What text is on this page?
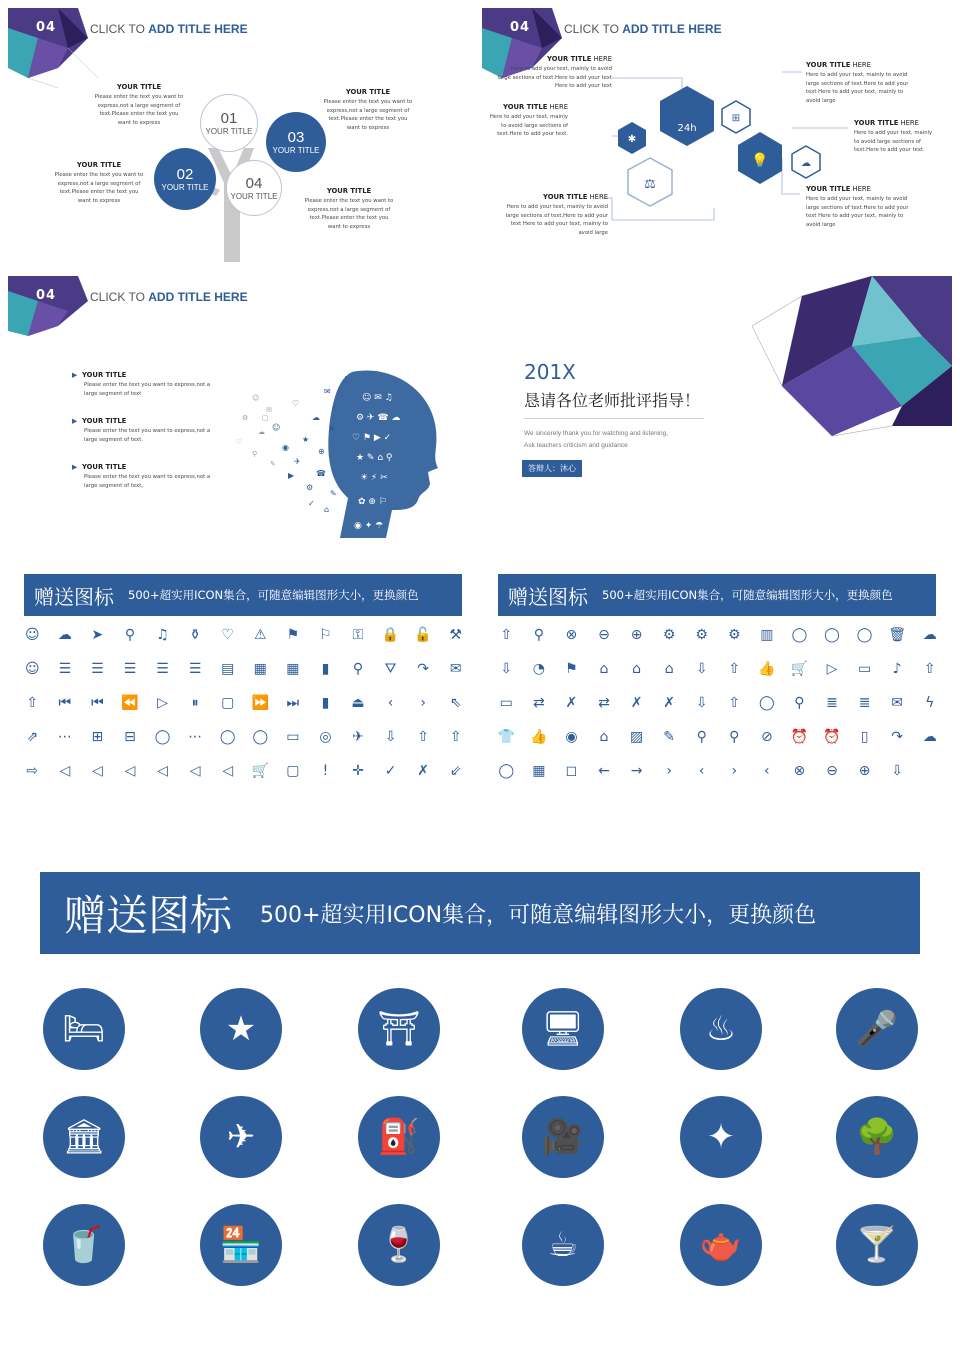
04	CLICK TO ADD TITLE HERE
01
YOUR TITLE
02
YOUR TITLE
03
YOUR TITLE
04
YOUR TITLE
YOUR TITLE
Please enter the text you want to express,not a large segment of text.Please enter the text you want to express
YOUR TITLE
Please enter the text you want to express,not a large segment of text.Please enter the text you want to express
YOUR TITLE
Please enter the text you want to express,not a large segment of text.Please enter the text you want to express
YOUR TITLE
Please enter the text you want to express,not a large segment of text.Please enter the text you want to express
04	CLICK TO ADD TITLE HERE
24h
✱
⊞
⚖
💡	☁
YOUR TITLE HERE
Here to add your text, mainly to avoid large sections of text.Here to add your text Here to add your text
YOUR TITLE HERE
Here to add your text, mainly to avoid large sections of text.Here to add your text.
YOUR TITLE HERE
Here to add your text, mainly to avoid large sections of text.Here to add your text Here to add your text, mainly to avoid large
YOUR TITLE HERE
Here to add your text, mainly to avoid large sections of text.Here to add your text Here to add your text, mainly to avoid large
YOUR TITLE HERE
Here to add your text, mainly to avoid large sections of text.Here to add your text.
YOUR TITLE HERE
Here to add your text, mainly to avoid large sections of text.Here to add your text Here to add your text, mainly to avoid large
04	CLICK TO ADD TITLE HERE
▶ YOUR TITLE
Please enter the text you want to express,not a large segment of text
▶ YOUR TITLE
Please enter the text you want to express,not a large segment of text.
▶ YOUR TITLE
Please enter the text you want to express,not a large segment of text。
☺ ✉ ♫
⚙ ✈ ☎ ☁
♡ ⚑ ▶ ✓
★ ✎ ⌂ ⚲
☀ ⚡ ✂
✿ ⊕ ⚐
◉ ✦ ☂
✉
♪
☁
⚑
★
⊕
✈
☎
◉
⚙
✎
▶
☺
♡
⌂
✓
♫
☺
✉
⚙
☁
♡
⚲
✎
▢
201X
恳请各位老师批评指导！
We sincerely thank you for watching and listening,
Ask teachers criticism and guidance
答辩人：沐心
赠送图标 500+超实用ICON集合，可随意编辑图形大小，更换颜色
☺	☁	➤	⚲	♫	⚱	♡	⚠	⚑	⚐	⚿	🔒	🔓	⚒
☺	☰	☰	☰	☰	☰	▤	▦	▦	▮	⚲	⛛	↷	✉
⇧	⏮	⏮	⏪	▷	⏸	▢	⏩	⏭	▮	⏏	‹	›	⇖
⇗	⋯	⊞	⊟	◯	⋯	◯	◯	▭	◎	✈	⇩	⇧	⇧
⇨	◁	◁	◁	◁	◁	◁	🛒	▢	!	✛	✓	✗	⇙
赠送图标 500+超实用ICON集合，可随意编辑图形大小，更换颜色
⇧	⚲	⊗	⊖	⊕	⚙	⚙	⚙	▥	◯	◯	◯	🗑	☁
⇩	◔	⚑	⌂	⌂	⌂	⇩	⇧	👍	🛒	▷	▭	♪	⇧
▭	⇄	✗	⇄	✗	✗	⇩	⇧	◯	⚲	≣	≣	✉	ϟ
👕	👍	◉	⌂	▨	✎	⚲	⚲	⊘	⏰	⏰	▯	↷	☁
◯	▦	◻	←	→	›	‹	›	‹	⊗	⊖	⊕	⇩
赠送图标 500+超实用ICON集合，可随意编辑图形大小，更换颜色
🛏	★	⛩	🖥	♨	🎤
🏛	✈	⛽	🎥	✦	🌳
🥤	🏪	🍷	☕	🫖	🍸
